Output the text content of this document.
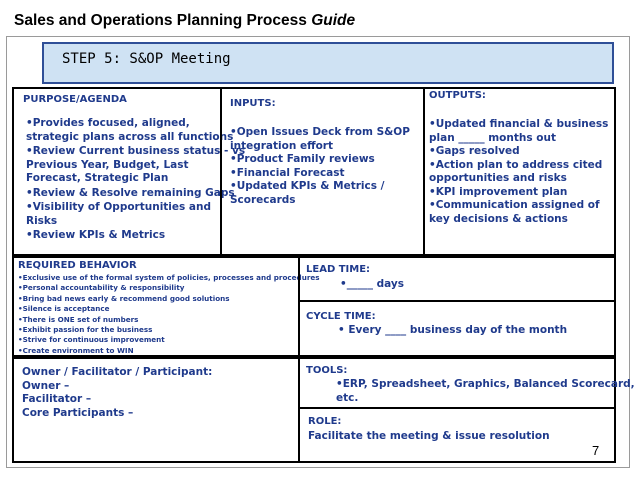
Sales and Operations Planning Process Guide
STEP 5: S&OP Meeting
PURPOSE/AGENDA
•Provides focused, aligned,
strategic plans across all functions
•Review Current business status - vs
Previous Year, Budget, Last
Forecast, Strategic Plan
•Review & Resolve remaining Gaps
•Visibility of Opportunities and
Risks
•Review KPIs & Metrics
INPUTS:
•Open Issues Deck from S&OP
integration effort
•Product Family reviews
•Financial Forecast
•Updated KPIs & Metrics /
Scorecards
OUTPUTS:
•Updated financial & business
plan _____ months out
•Gaps resolved
•Action plan to address cited
opportunities and risks
•KPI improvement plan
•Communication assigned of
key decisions & actions
REQUIRED BEHAVIOR
•Exclusive use of the formal system of policies, processes and procedures
•Personal accountability & responsibility
•Bring bad news early & recommend good solutions
•Silence is acceptance
•There is ONE set of numbers
•Exhibit passion for the business
•Strive for continuous improvement
•Create environment to WIN
LEAD TIME:
•_____ days
CYCLE TIME:
• Every ____ business day of the month
Owner / Facilitator / Participant:
Owner –
Facilitator –
Core Participants –
TOOLS:
•ERP, Spreadsheet, Graphics, Balanced Scorecard,
etc.
ROLE:
Facilitate the meeting & issue resolution
7
